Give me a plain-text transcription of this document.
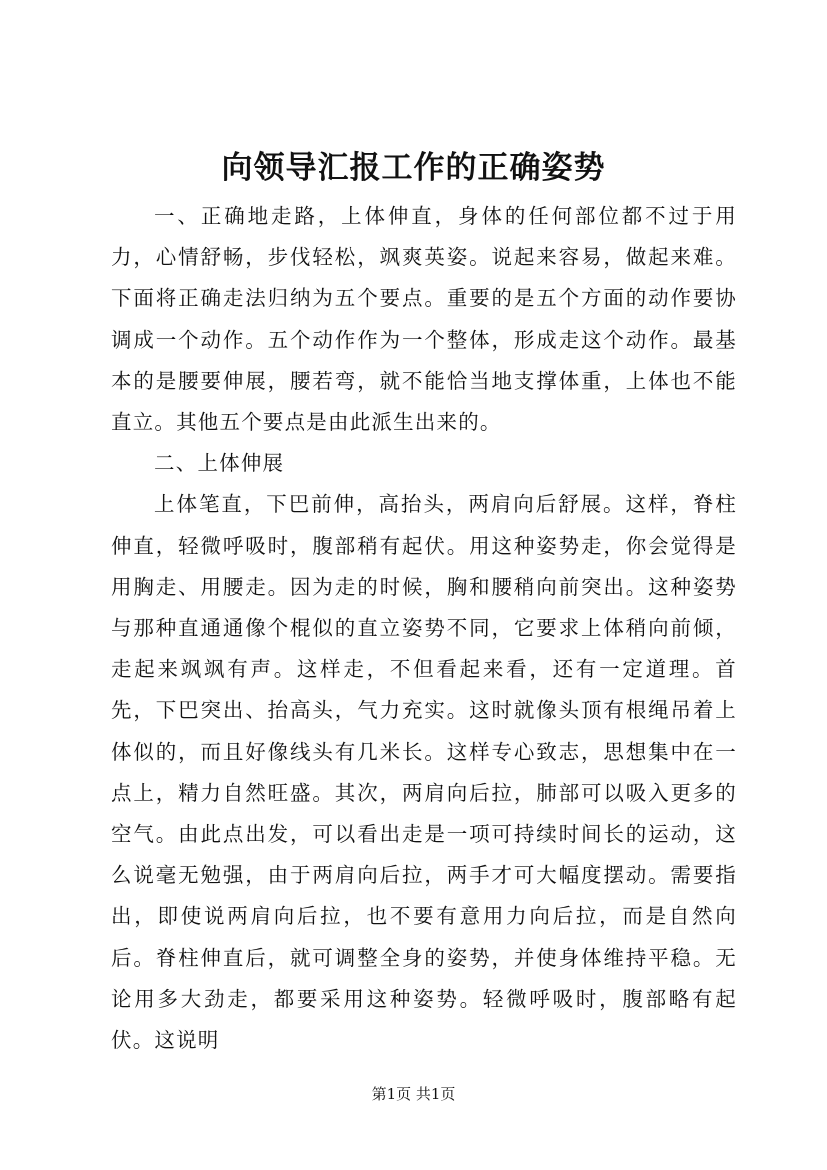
向领导汇报工作的正确姿势

一、正确地走路，上体伸直，身体的任何部位都不过于用力，心情舒畅，步伐轻松，飒爽英姿。说起来容易，做起来难。下面将正确走法归纳为五个要点。重要的是五个方面的动作要协调成一个动作。五个动作作为一个整体，形成走这个动作。最基本的是腰要伸展，腰若弯，就不能恰当地支撑体重，上体也不能直立。其他五个要点是由此派生出来的。

二、上体伸展

上体笔直，下巴前伸，高抬头，两肩向后舒展。这样，脊柱伸直，轻微呼吸时，腹部稍有起伏。用这种姿势走，你会觉得是用胸走、用腰走。因为走的时候，胸和腰稍向前突出。这种姿势与那种直通通像个棍似的直立姿势不同，它要求上体稍向前倾，走起来飒飒有声。这样走，不但看起来看，还有一定道理。首先，下巴突出、抬高头，气力充实。这时就像头顶有根绳吊着上体似的，而且好像线头有几米长。这样专心致志，思想集中在一点上，精力自然旺盛。其次，两肩向后拉，肺部可以吸入更多的空气。由此点出发，可以看出走是一项可持续时间长的运动，这么说毫无勉强，由于两肩向后拉，两手才可大幅度摆动。需要指出，即使说两肩向后拉，也不要有意用力向后拉，而是自然向后。脊柱伸直后，就可调整全身的姿势，并使身体维持平稳。无论用多大劲走，都要采用这种姿势。轻微呼吸时，腹部略有起伏。这说明

第1页 共1页
